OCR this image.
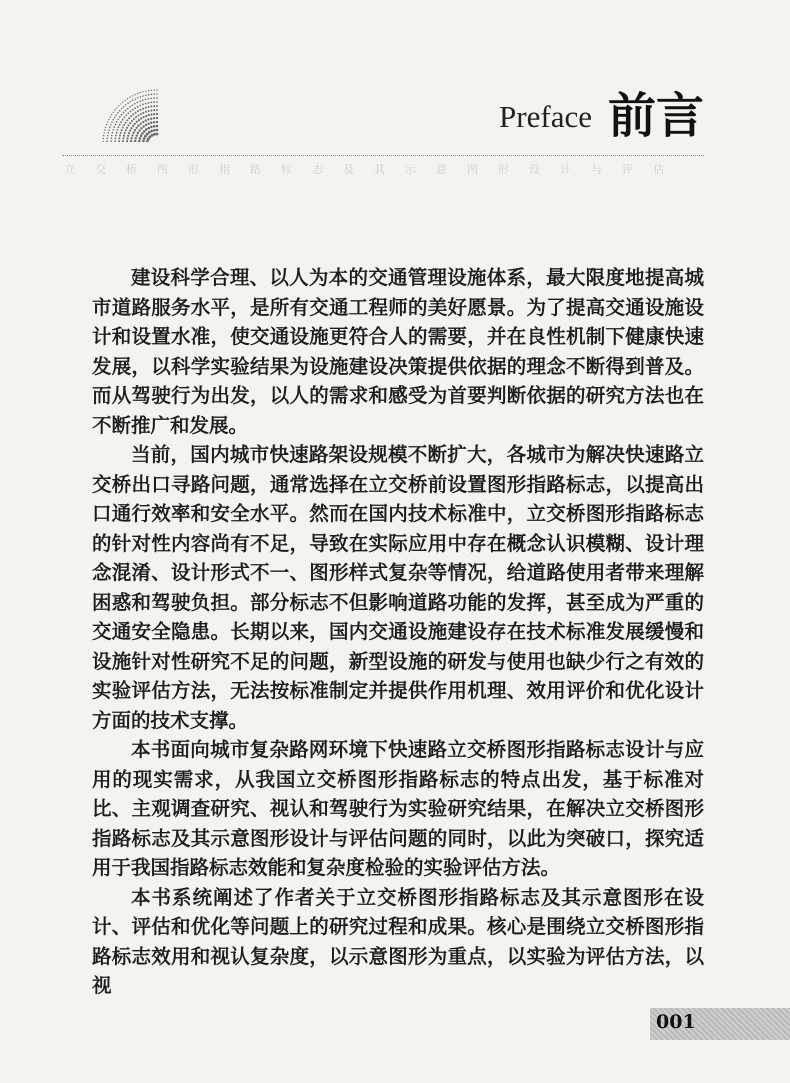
Preface 前言
立交桥图形指路标志及其示意图形设计与评估

建设科学合理、以人为本的交通管理设施体系，最大限度地提高城市道路服务水平，是所有交通工程师的美好愿景。为了提高交通设施设计和设置水准，使交通设施更符合人的需要，并在良性机制下健康快速发展，以科学实验结果为设施建设决策提供依据的理念不断得到普及。而从驾驶行为出发，以人的需求和感受为首要判断依据的研究方法也在不断推广和发展。

当前，国内城市快速路架设规模不断扩大，各城市为解决快速路立交桥出口寻路问题，通常选择在立交桥前设置图形指路标志，以提高出口通行效率和安全水平。然而在国内技术标准中，立交桥图形指路标志的针对性内容尚有不足，导致在实际应用中存在概念认识模糊、设计理念混淆、设计形式不一、图形样式复杂等情况，给道路使用者带来理解困惑和驾驶负担。部分标志不但影响道路功能的发挥，甚至成为严重的交通安全隐患。长期以来，国内交通设施建设存在技术标准发展缓慢和设施针对性研究不足的问题，新型设施的研发与使用也缺少行之有效的实验评估方法，无法按标准制定并提供作用机理、效用评价和优化设计方面的技术支撑。

本书面向城市复杂路网环境下快速路立交桥图形指路标志设计与应用的现实需求，从我国立交桥图形指路标志的特点出发，基于标准对比、主观调查研究、视认和驾驶行为实验研究结果，在解决立交桥图形指路标志及其示意图形设计与评估问题的同时，以此为突破口，探究适用于我国指路标志效能和复杂度检验的实验评估方法。

本书系统阐述了作者关于立交桥图形指路标志及其示意图形在设计、评估和优化等问题上的研究过程和成果。核心是围绕立交桥图形指路标志效用和视认复杂度，以示意图形为重点，以实验为评估方法，以视

001
